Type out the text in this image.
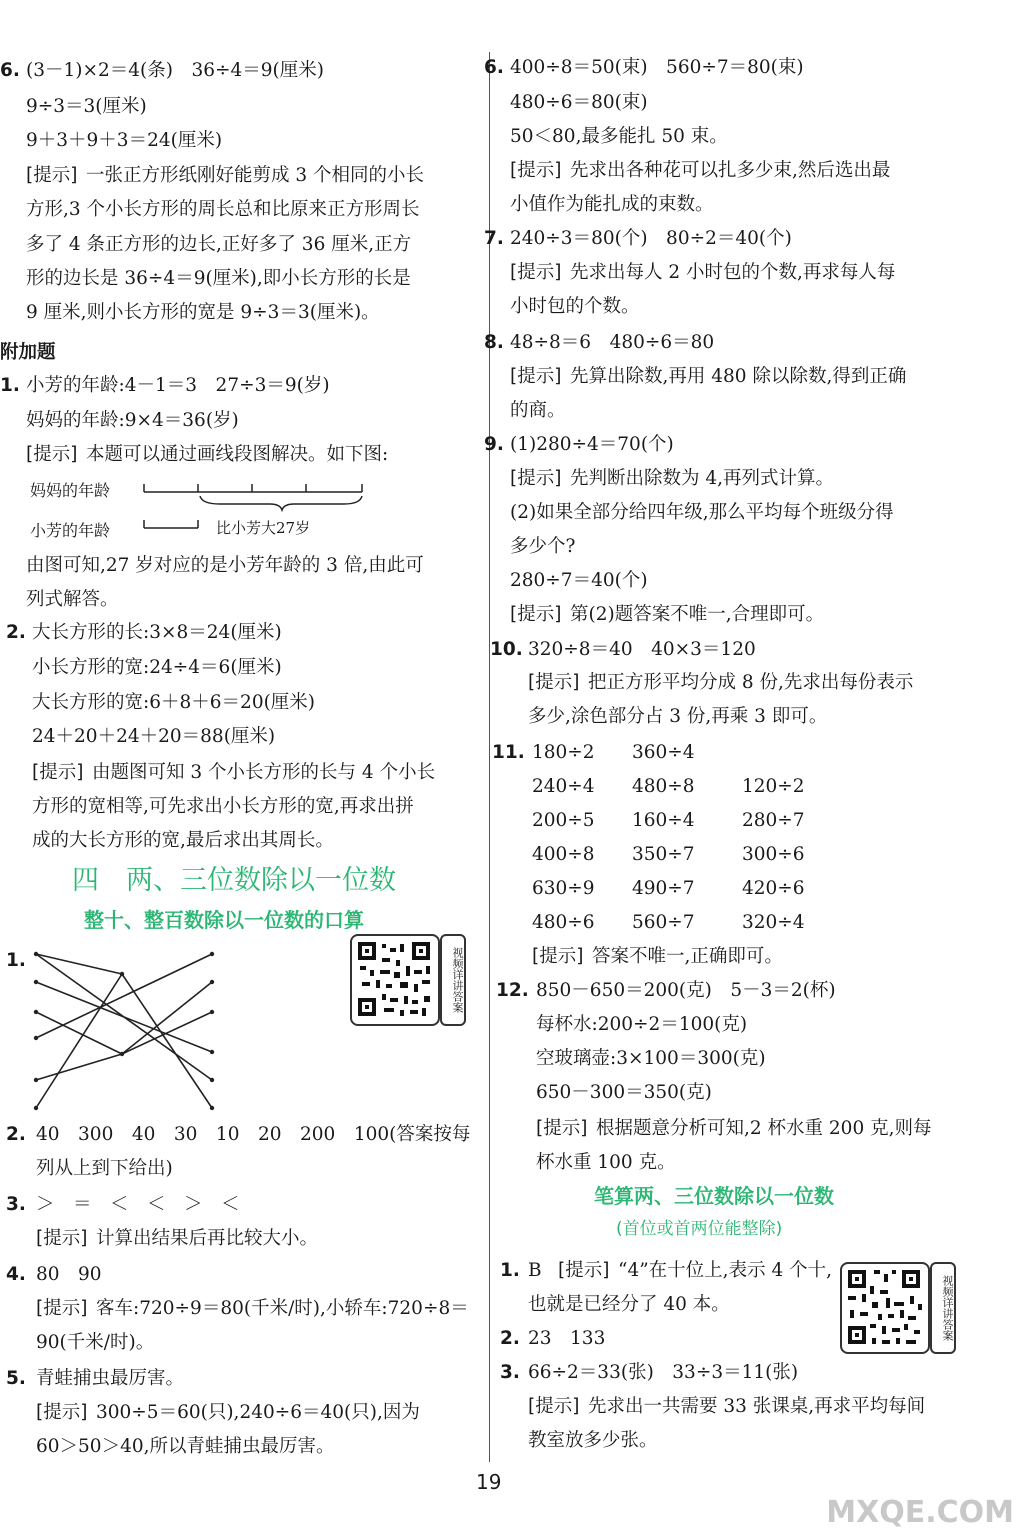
6. (3－1)×2＝4(条)　36÷4＝9(厘米)
9÷3＝3(厘米)
9＋3＋9＋3＝24(厘米)
[提示] 一张正方形纸刚好能剪成 3 个相同的小长
方形,3 个小长方形的周长总和比原来正方形周长
多了 4 条正方形的边长,正好多了 36 厘米,正方
形的边长是 36÷4＝9(厘米),即小长方形的长是
9 厘米,则小长方形的宽是 9÷3＝3(厘米)。
附加题
1. 小芳的年龄:4－1＝3　27÷3＝9(岁)
妈妈的年龄:9×4＝36(岁)
[提示] 本题可以通过画线段图解决。如下图:
妈妈的年龄
小芳的年龄	比小芳大27岁
由图可知,27 岁对应的是小芳年龄的 3 倍,由此可
列式解答。
2. 大长方形的长:3×8＝24(厘米)
小长方形的宽:24÷4＝6(厘米)
大长方形的宽:6＋8＋6＝20(厘米)
24＋20＋24＋20＝88(厘米)
[提示] 由题图可知 3 个小长方形的长与 4 个小长
方形的宽相等,可先求出小长方形的宽,再求出拼
成的大长方形的宽,最后求出其周长。
四　两、三位数除以一位数
整十、整百数除以一位数的口算
视频详讲答案
1.
2. 40　300　40　30　10　20　200　100(答案按每
列从上到下给出)
3. ＞　＝　＜　＜　＞　＜
[提示] 计算出结果后再比较大小。
4. 80　90
[提示] 客车:720÷9＝80(千米/时),小轿车:720÷8＝
90(千米/时)。
5. 青蛙捕虫最厉害。
[提示] 300÷5＝60(只),240÷6＝40(只),因为
60＞50＞40,所以青蛙捕虫最厉害。
6. 400÷8＝50(束)　560÷7＝80(束)
480÷6＝80(束)
50＜80,最多能扎 50 束。
[提示] 先求出各种花可以扎多少束,然后选出最
小值作为能扎成的束数。
7. 240÷3＝80(个)　80÷2＝40(个)
[提示] 先求出每人 2 小时包的个数,再求每人每
小时包的个数。
8. 48÷8＝6　480÷6＝80
[提示] 先算出除数,再用 480 除以除数,得到正确
的商。
9. (1)280÷4＝70(个)
[提示] 先判断出除数为 4,再列式计算。
(2)如果全部分给四年级,那么平均每个班级分得
多少个?
280÷7＝40(个)
[提示] 第(2)题答案不唯一,合理即可。
10. 320÷8＝40　40×3＝120
[提示] 把正方形平均分成 8 份,先求出每份表示
多少,涂色部分占 3 份,再乘 3 即可。
11. 180÷2 360÷4
240÷4 480÷8	120÷2
200÷5 160÷4	280÷7
400÷8 350÷7	300÷6
630÷9 490÷7	420÷6
480÷6 560÷7	320÷4
[提示] 答案不唯一,正确即可。
12. 850－650＝200(克)　5－3＝2(杯)
每杯水:200÷2＝100(克)
空玻璃壶:3×100＝300(克)
650－300＝350(克)
[提示] 根据题意分析可知,2 杯水重 200 克,则每
杯水重 100 克。
笔算两、三位数除以一位数
(首位或首两位能整除)
视频详讲答案
1. B [提示] “4”在十位上,表示 4 个十,
也就是已经分了 40 本。
2. 23　133
3. 66÷2＝33(张)　33÷3＝11(张)
[提示] 先求出一共需要 33 张课桌,再求平均每间
教室放多少张。
19
MXQE.COM
